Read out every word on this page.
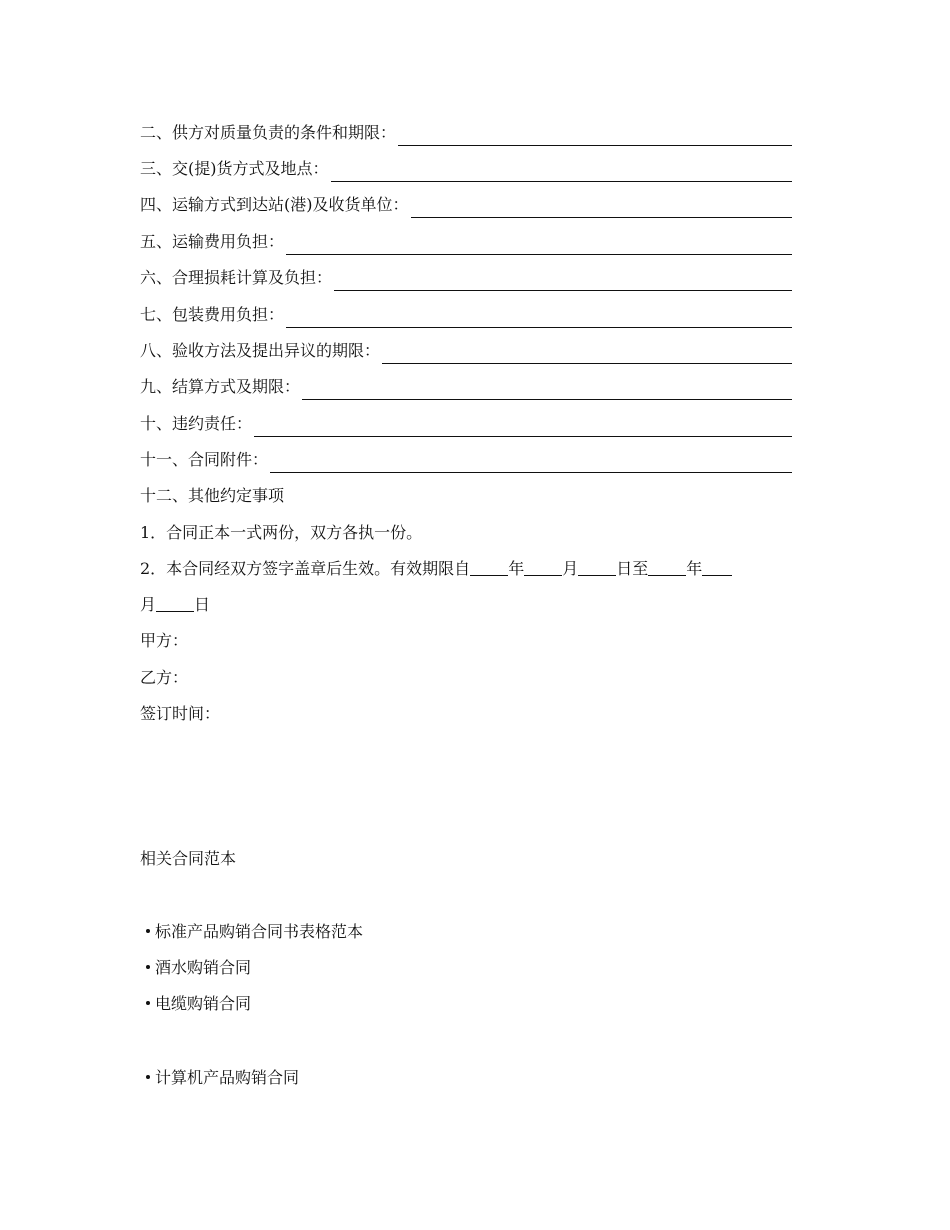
二、供方对质量负责的条件和期限：
三、交(提)货方式及地点：
四、运输方式到达站(港)及收货单位：
五、运输费用负担：
六、合理损耗计算及负担：
七、包装费用负担：
八、验收方法及提出异议的期限：
九、结算方式及期限：
十、违约责任：
十一、合同附件：
十二、其他约定事项
1．合同正本一式两份，双方各执一份。
2．本合同经双方签字盖章后生效。有效期限自 年 月 日至 年
月 日
甲方：
乙方：
签订时间：
相关合同范本
标准产品购销合同书表格范本
酒水购销合同
电缆购销合同
计算机产品购销合同
